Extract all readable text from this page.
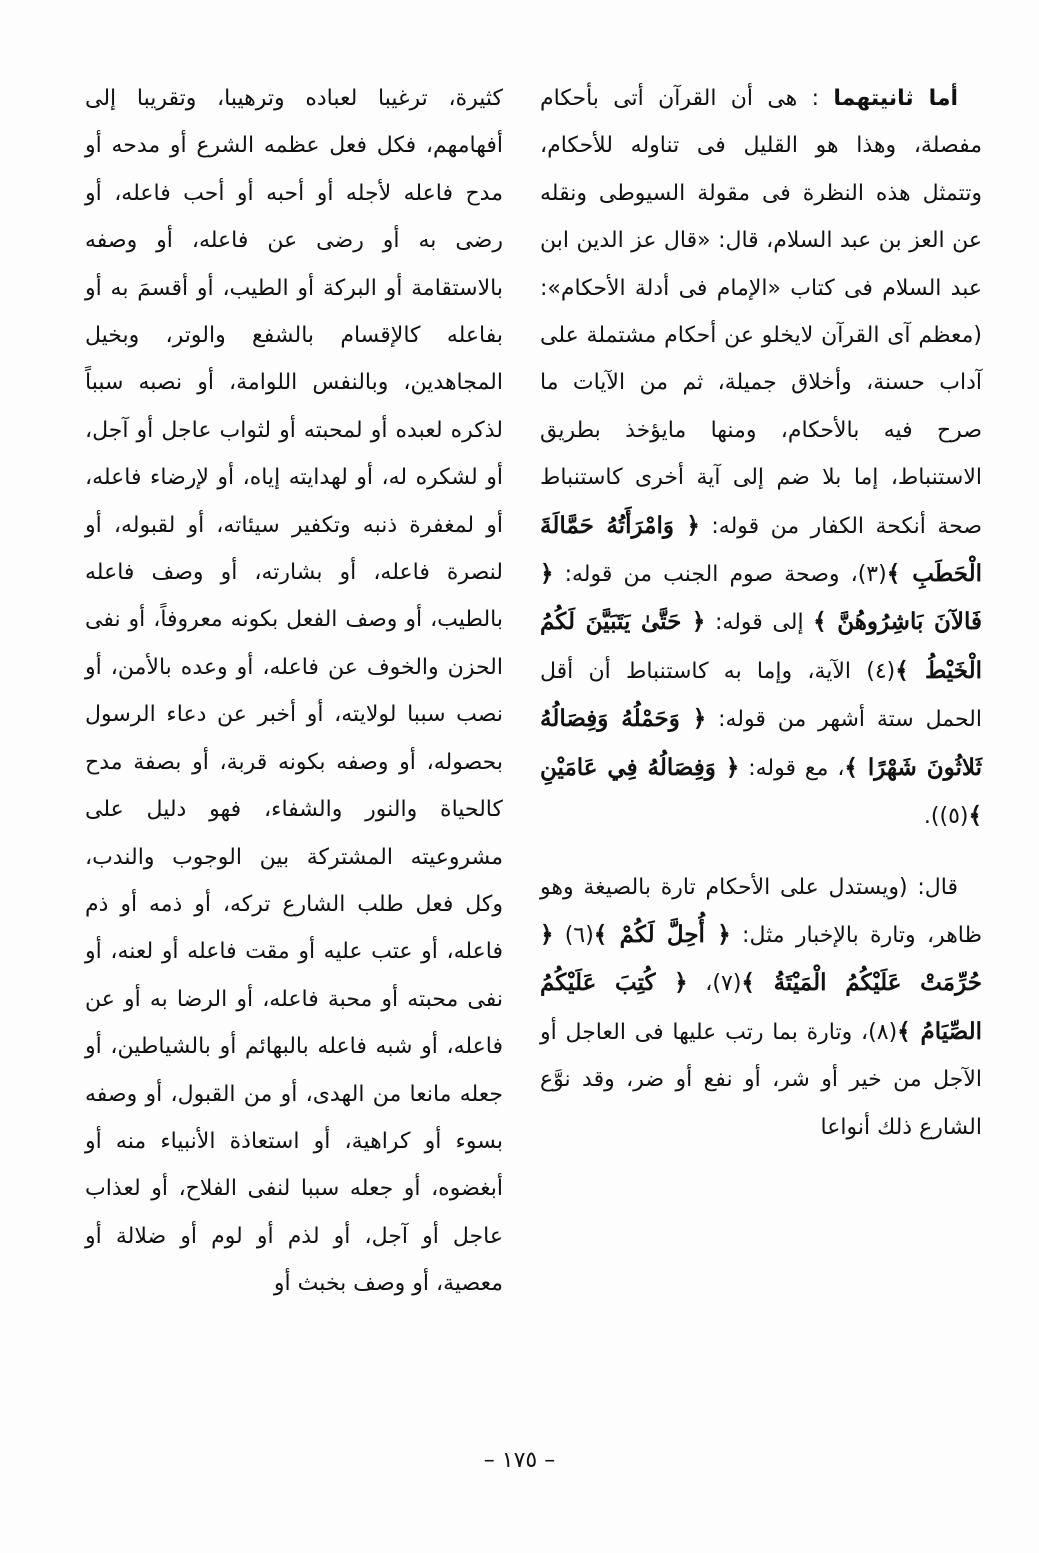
أما ثانيتهما : هى أن القرآن أتى بأحكام مفصلة، وهذا هو القليل فى تناوله للأحكام، وتتمثل هذه النظرة فى مقولة السيوطى ونقله عن العز بن عبد السلام، قال: «قال عز الدين ابن عبد السلام فى كتاب «الإمام فى أدلة الأحكام»: (معظم آى القرآن لايخلو عن أحكام مشتملة على آداب حسنة، وأخلاق جميلة، ثم من الآيات ما صرح فيه بالأحكام، ومنها مايؤخذ بطريق الاستنباط، إما بلا ضم إلى آية أخرى كاستنباط صحة أنكحة الكفار من قوله: ﴿ وَامْرَأَتُهُ حَمَّالَةَ الْحَطَبِ ﴾(٣)، وصحة صوم الجنب من قوله: ﴿ فَالآنَ بَاشِرُوهُنَّ ﴾ إلى قوله: ﴿ حَتَّىٰ يَتَبَيَّنَ لَكُمُ الْخَيْطُ ﴾(٤) الآية، وإما به كاستنباط أن أقل الحمل ستة أشهر من قوله: ﴿ وَحَمْلُهُ وَفِصَالُهُ ثَلاثُونَ شَهْرًا ﴾، مع قوله: ﴿ وَفِصَالُهُ فِي عَامَيْنِ ﴾(٥)).

قال: (ويستدل على الأحكام تارة بالصيغة وهو ظاهر، وتارة بالإخبار مثل: ﴿ أُحِلَّ لَكُمْ ﴾(٦) ﴿ حُرِّمَتْ عَلَيْكُمُ الْمَيْتَةُ ﴾(٧)، ﴿ كُتِبَ عَلَيْكُمُ الصِّيَامُ ﴾(٨)، وتارة بما رتب عليها فى العاجل أو الآجل من خير أو شر، أو نفع أو ضر، وقد نوَّع الشارع ذلك أنواعا

كثيرة، ترغيبا لعباده وترهيبا، وتقريبا إلى أفهامهم، فكل فعل عظمه الشرع أو مدحه أو مدح فاعله لأجله أو أحبه أو أحب فاعله، أو رضى به أو رضى عن فاعله، أو وصفه بالاستقامة أو البركة أو الطيب، أو أقسمَ به أو بفاعله كالإقسام بالشفع والوتر، وبخيل المجاهدين، وبالنفس اللوامة، أو نصبه سبباً لذكره لعبده أو لمحبته أو لثواب عاجل أو آجل، أو لشكره له، أو لهدايته إياه، أو لإرضاء فاعله، أو لمغفرة ذنبه وتكفير سيئاته، أو لقبوله، أو لنصرة فاعله، أو بشارته، أو وصف فاعله بالطيب، أو وصف الفعل بكونه معروفاً، أو نفى الحزن والخوف عن فاعله، أو وعده بالأمن، أو نصب سببا لولايته، أو أخبر عن دعاء الرسول بحصوله، أو وصفه بكونه قربة، أو بصفة مدح كالحياة والنور والشفاء، فهو دليل على مشروعيته المشتركة بين الوجوب والندب، وكل فعل طلب الشارع تركه، أو ذمه أو ذم فاعله، أو عتب عليه أو مقت فاعله أو لعنه، أو نفى محبته أو محبة فاعله، أو الرضا به أو عن فاعله، أو شبه فاعله بالبهائم أو بالشياطين، أو جعله مانعا من الهدى، أو من القبول، أو وصفه بسوء أو كراهية، أو استعاذة الأنبياء منه أو أبغضوه، أو جعله سببا لنفى الفلاح، أو لعذاب عاجل أو آجل، أو لذم أو لوم أو ضلالة أو معصية، أو وصف بخبث أو

– ١٧٥ –
